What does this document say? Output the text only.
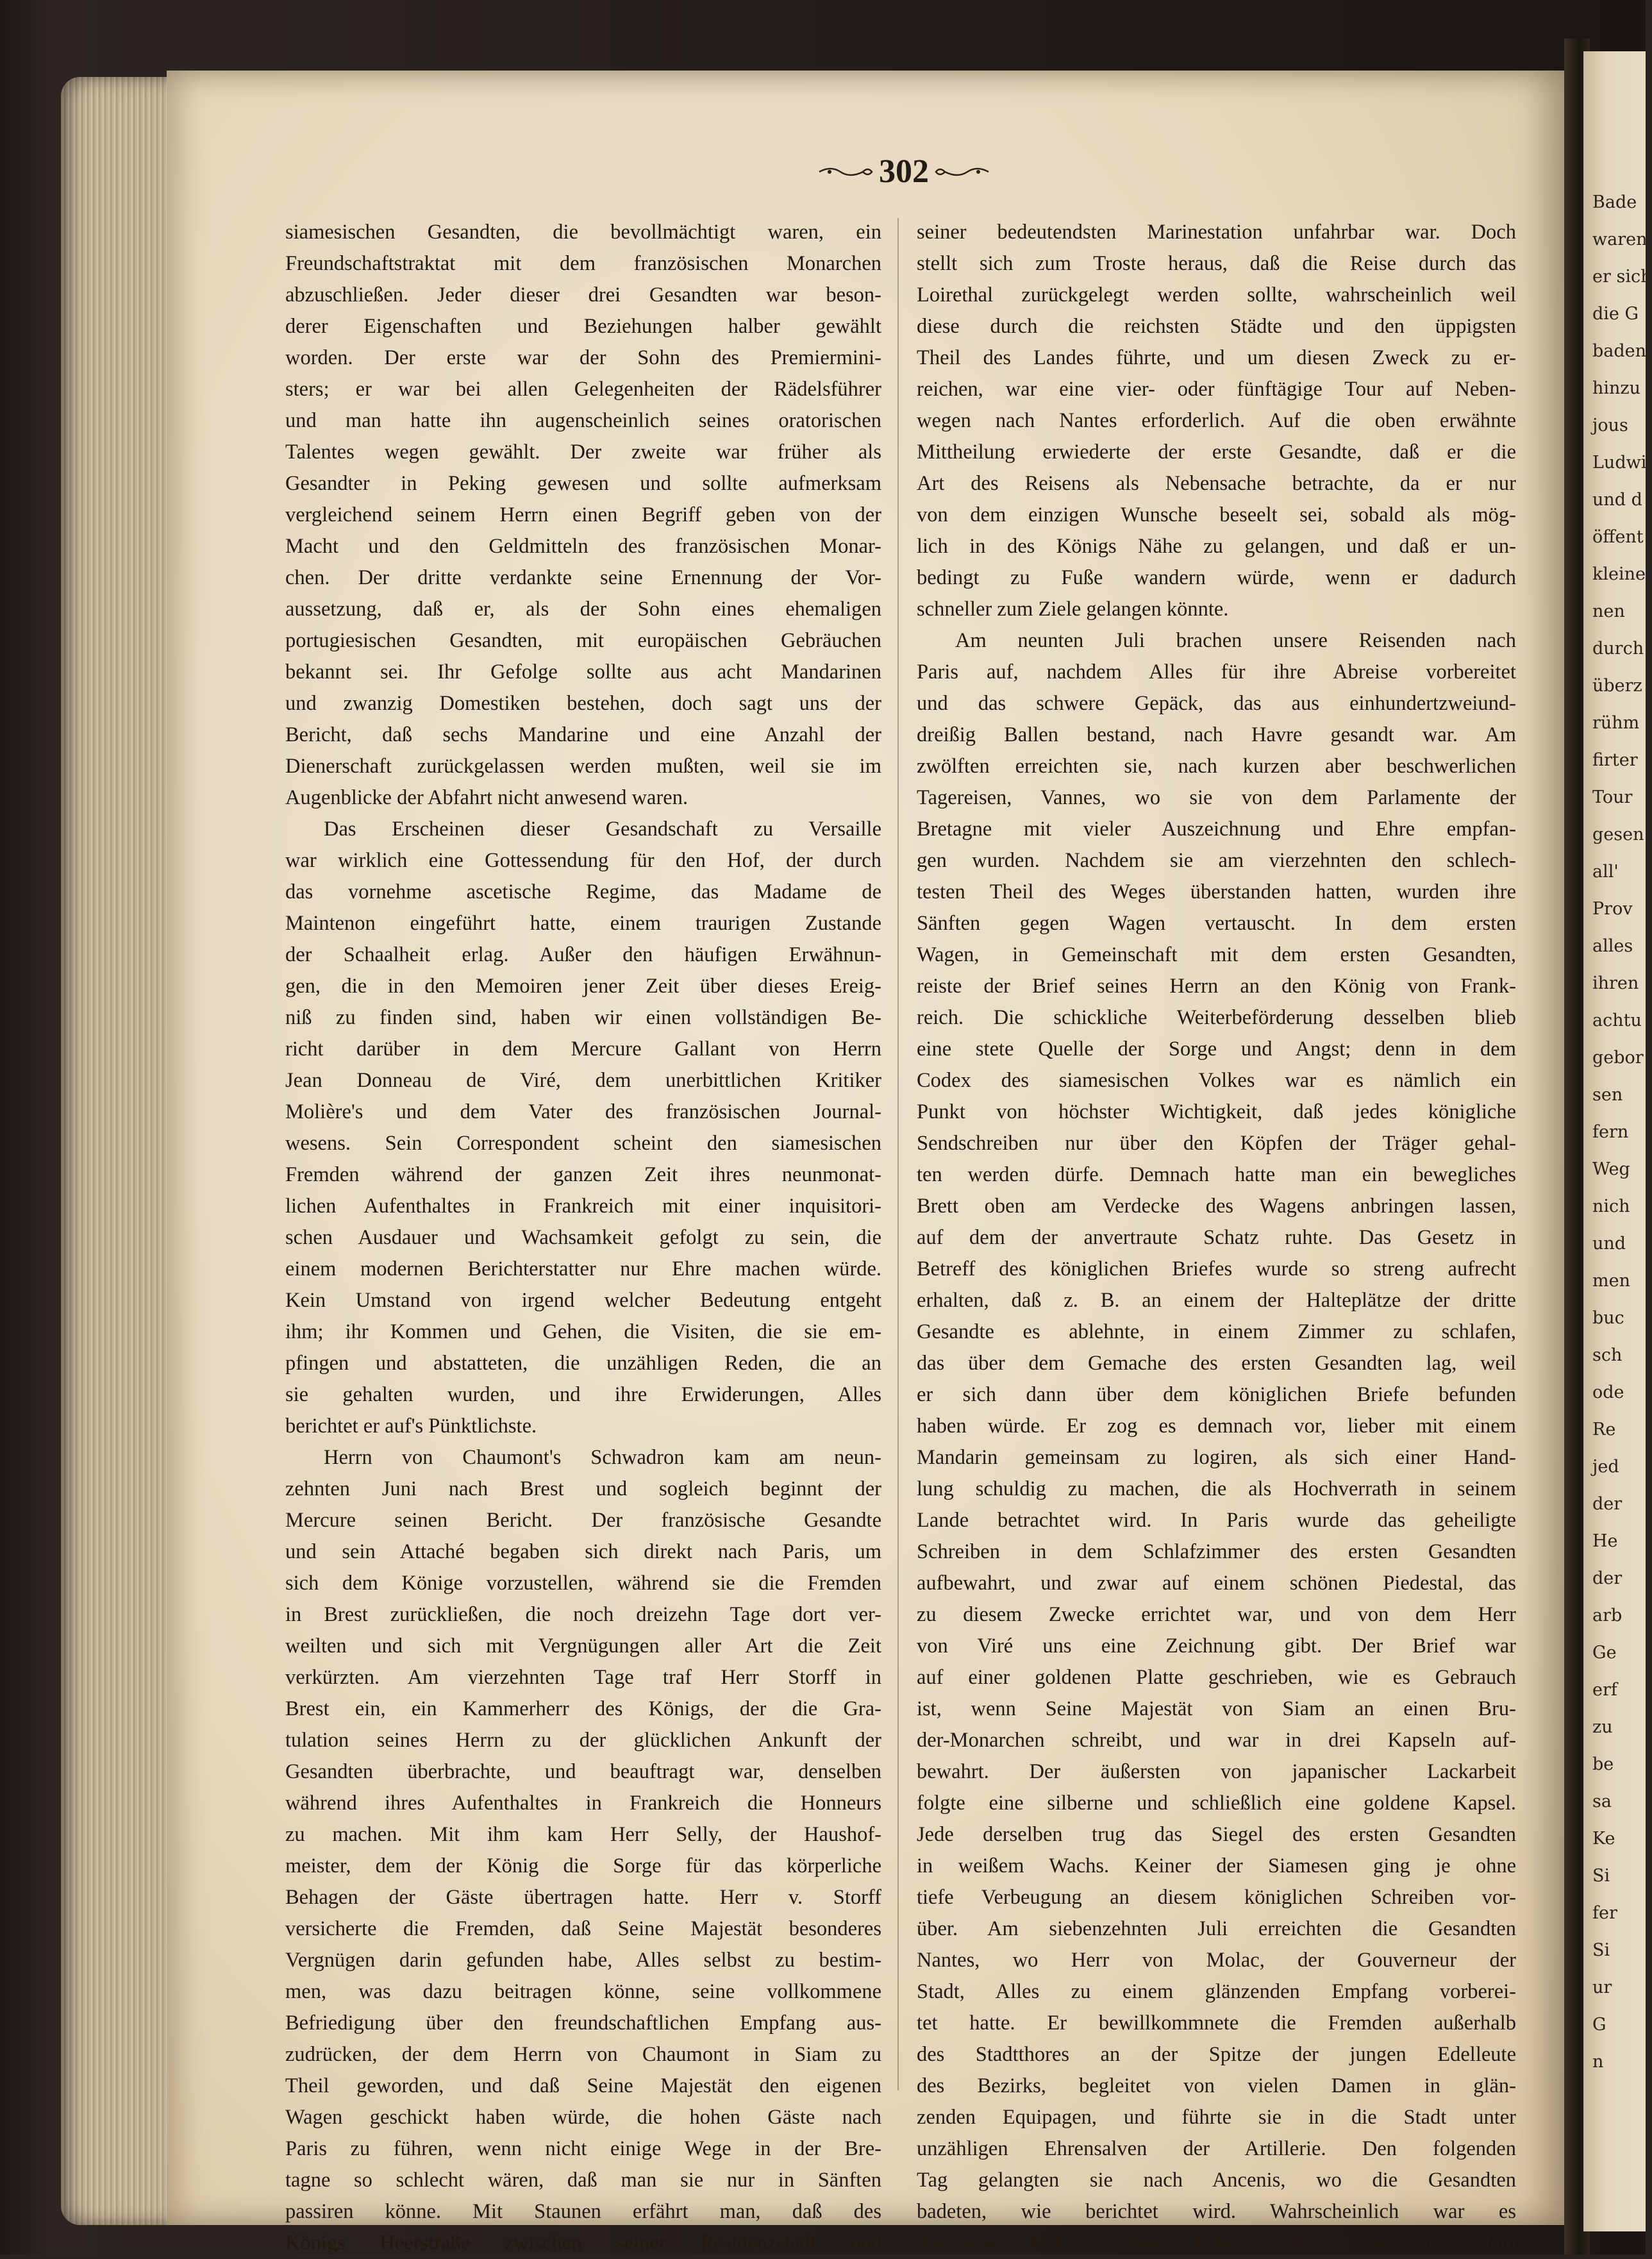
Bade
waren
er sich
die G
baden,
hinzu
jous
Ludwi
und d
öffent
kleine
nen
durch
überz
rühm
firter
Tour
gesen
all'
Prov
alles
ihren
achtu
gebor
sen
fern
Weg
nich
und
men
buc
sch
ode
Re
jed
der
He
der
arb
Ge
erf
zu
be
sa
Ke
Si
fer
Si
ur
G
n
302
siamesischen Gesandten, die bevollmächtigt waren, ein
Freundschaftstraktat mit dem französischen Monarchen
abzuschließen. Jeder dieser drei Gesandten war beson-
derer Eigenschaften und Beziehungen halber gewählt
worden. Der erste war der Sohn des Premiermini-
sters; er war bei allen Gelegenheiten der Rädelsführer
und man hatte ihn augenscheinlich seines oratorischen
Talentes wegen gewählt. Der zweite war früher als
Gesandter in Peking gewesen und sollte aufmerksam
vergleichend seinem Herrn einen Begriff geben von der
Macht und den Geldmitteln des französischen Monar-
chen. Der dritte verdankte seine Ernennung der Vor-
aussetzung, daß er, als der Sohn eines ehemaligen
portugiesischen Gesandten, mit europäischen Gebräuchen
bekannt sei. Ihr Gefolge sollte aus acht Mandarinen
und zwanzig Domestiken bestehen, doch sagt uns der
Bericht, daß sechs Mandarine und eine Anzahl der
Dienerschaft zurückgelassen werden mußten, weil sie im
Augenblicke der Abfahrt nicht anwesend waren.
Das Erscheinen dieser Gesandschaft zu Versaille
war wirklich eine Gottessendung für den Hof, der durch
das vornehme ascetische Regime, das Madame de
Maintenon eingeführt hatte, einem traurigen Zustande
der Schaalheit erlag. Außer den häufigen Erwähnun-
gen, die in den Memoiren jener Zeit über dieses Ereig-
niß zu finden sind, haben wir einen vollständigen Be-
richt darüber in dem Mercure Gallant von Herrn
Jean Donneau de Viré, dem unerbittlichen Kritiker
Molière's und dem Vater des französischen Journal-
wesens. Sein Correspondent scheint den siamesischen
Fremden während der ganzen Zeit ihres neunmonat-
lichen Aufenthaltes in Frankreich mit einer inquisitori-
schen Ausdauer und Wachsamkeit gefolgt zu sein, die
einem modernen Berichterstatter nur Ehre machen würde.
Kein Umstand von irgend welcher Bedeutung entgeht
ihm; ihr Kommen und Gehen, die Visiten, die sie em-
pfingen und abstatteten, die unzähligen Reden, die an
sie gehalten wurden, und ihre Erwiderungen, Alles
berichtet er auf's Pünktlichste.
Herrn von Chaumont's Schwadron kam am neun-
zehnten Juni nach Brest und sogleich beginnt der
Mercure seinen Bericht. Der französische Gesandte
und sein Attaché begaben sich direkt nach Paris, um
sich dem Könige vorzustellen, während sie die Fremden
in Brest zurückließen, die noch dreizehn Tage dort ver-
weilten und sich mit Vergnügungen aller Art die Zeit
verkürzten. Am vierzehnten Tage traf Herr Storff in
Brest ein, ein Kammerherr des Königs, der die Gra-
tulation seines Herrn zu der glücklichen Ankunft der
Gesandten überbrachte, und beauftragt war, denselben
während ihres Aufenthaltes in Frankreich die Honneurs
zu machen. Mit ihm kam Herr Selly, der Haushof-
meister, dem der König die Sorge für das körperliche
Behagen der Gäste übertragen hatte. Herr v. Storff
versicherte die Fremden, daß Seine Majestät besonderes
Vergnügen darin gefunden habe, Alles selbst zu bestim-
men, was dazu beitragen könne, seine vollkommene
Befriedigung über den freundschaftlichen Empfang aus-
zudrücken, der dem Herrn von Chaumont in Siam zu
Theil geworden, und daß Seine Majestät den eigenen
Wagen geschickt haben würde, die hohen Gäste nach
Paris zu führen, wenn nicht einige Wege in der Bre-
tagne so schlecht wären, daß man sie nur in Sänften
passiren könne. Mit Staunen erfährt man, daß des
Königs Heerstraße zwischen seiner Residenzstadt und
seiner bedeutendsten Marinestation unfahrbar war. Doch
stellt sich zum Troste heraus, daß die Reise durch das
Loirethal zurückgelegt werden sollte, wahrscheinlich weil
diese durch die reichsten Städte und den üppigsten
Theil des Landes führte, und um diesen Zweck zu er-
reichen, war eine vier- oder fünftägige Tour auf Neben-
wegen nach Nantes erforderlich. Auf die oben erwähnte
Mittheilung erwiederte der erste Gesandte, daß er die
Art des Reisens als Nebensache betrachte, da er nur
von dem einzigen Wunsche beseelt sei, sobald als mög-
lich in des Königs Nähe zu gelangen, und daß er un-
bedingt zu Fuße wandern würde, wenn er dadurch
schneller zum Ziele gelangen könnte.
Am neunten Juli brachen unsere Reisenden nach
Paris auf, nachdem Alles für ihre Abreise vorbereitet
und das schwere Gepäck, das aus einhundertzweiund-
dreißig Ballen bestand, nach Havre gesandt war. Am
zwölften erreichten sie, nach kurzen aber beschwerlichen
Tagereisen, Vannes, wo sie von dem Parlamente der
Bretagne mit vieler Auszeichnung und Ehre empfan-
gen wurden. Nachdem sie am vierzehnten den schlech-
testen Theil des Weges überstanden hatten, wurden ihre
Sänften gegen Wagen vertauscht. In dem ersten
Wagen, in Gemeinschaft mit dem ersten Gesandten,
reiste der Brief seines Herrn an den König von Frank-
reich. Die schickliche Weiterbeförderung desselben blieb
eine stete Quelle der Sorge und Angst; denn in dem
Codex des siamesischen Volkes war es nämlich ein
Punkt von höchster Wichtigkeit, daß jedes königliche
Sendschreiben nur über den Köpfen der Träger gehal-
ten werden dürfe. Demnach hatte man ein bewegliches
Brett oben am Verdecke des Wagens anbringen lassen,
auf dem der anvertraute Schatz ruhte. Das Gesetz in
Betreff des königlichen Briefes wurde so streng aufrecht
erhalten, daß z. B. an einem der Halteplätze der dritte
Gesandte es ablehnte, in einem Zimmer zu schlafen,
das über dem Gemache des ersten Gesandten lag, weil
er sich dann über dem königlichen Briefe befunden
haben würde. Er zog es demnach vor, lieber mit einem
Mandarin gemeinsam zu logiren, als sich einer Hand-
lung schuldig zu machen, die als Hochverrath in seinem
Lande betrachtet wird. In Paris wurde das geheiligte
Schreiben in dem Schlafzimmer des ersten Gesandten
aufbewahrt, und zwar auf einem schönen Piedestal, das
zu diesem Zwecke errichtet war, und von dem Herr
von Viré uns eine Zeichnung gibt. Der Brief war
auf einer goldenen Platte geschrieben, wie es Gebrauch
ist, wenn Seine Majestät von Siam an einen Bru-
der-Monarchen schreibt, und war in drei Kapseln auf-
bewahrt. Der äußersten von japanischer Lackarbeit
folgte eine silberne und schließlich eine goldene Kapsel.
Jede derselben trug das Siegel des ersten Gesandten
in weißem Wachs. Keiner der Siamesen ging je ohne
tiefe Verbeugung an diesem königlichen Schreiben vor-
über. Am siebenzehnten Juli erreichten die Gesandten
Nantes, wo Herr von Molac, der Gouverneur der
Stadt, Alles zu einem glänzenden Empfang vorberei-
tet hatte. Er bewillkommnete die Fremden außerhalb
des Stadtthores an der Spitze der jungen Edelleute
des Bezirks, begleitet von vielen Damen in glän-
zenden Equipagen, und führte sie in die Stadt unter
unzähligen Ehrensalven der Artillerie. Den folgenden
Tag gelangten sie nach Ancenis, wo die Gesandten
badeten, wie berichtet wird. Wahrscheinlich war es
das erste Mal in ihrem Leben, daß sie so lange dem
